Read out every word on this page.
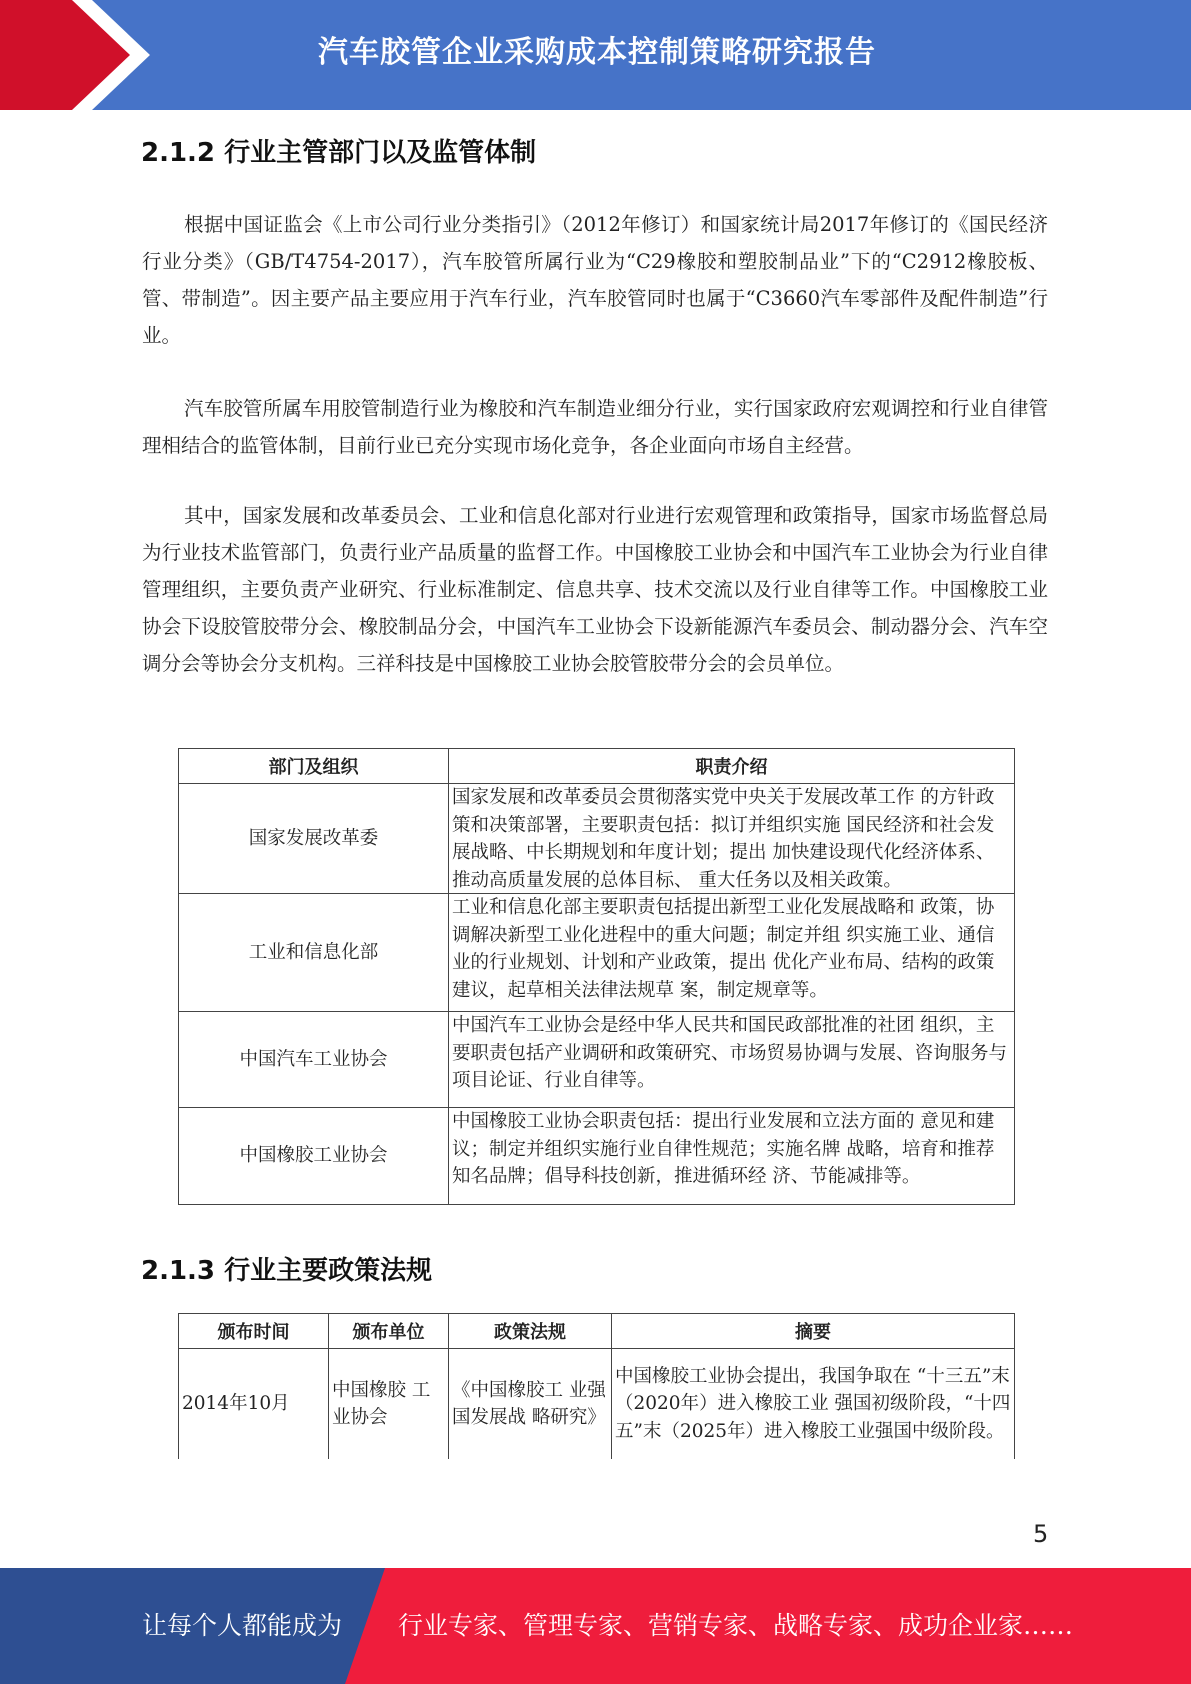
汽车胶管企业采购成本控制策略研究报告
2.1.2 行业主管部门以及监管体制

根据中国证监会《上市公司行业分类指引》（2012年修订）和国家统计局2017年修订的《国民经济行业分类》（GB/T4754-2017），汽车胶管所属行业为“C29橡胶和塑胶制品业”下的“C2912橡胶板、管、带制造”。因主要产品主要应用于汽车行业，汽车胶管同时也属于“C3660汽车零部件及配件制造”行业。

汽车胶管所属车用胶管制造行业为橡胶和汽车制造业细分行业，实行国家政府宏观调控和行业自律管理相结合的监管体制，目前行业已充分实现市场化竞争，各企业面向市场自主经营。

其中，国家发展和改革委员会、工业和信息化部对行业进行宏观管理和政策指导，国家市场监督总局为行业技术监管部门，负责行业产品质量的监督工作。中国橡胶工业协会和中国汽车工业协会为行业自律管理组织，主要负责产业研究、行业标准制定、信息共享、技术交流以及行业自律等工作。中国橡胶工业协会下设胶管胶带分会、橡胶制品分会，中国汽车工业协会下设新能源汽车委员会、制动器分会、汽车空调分会等协会分支机构。三祥科技是中国橡胶工业协会胶管胶带分会的会员单位。

部门及组织	职责介绍
国家发展改革委	国家发展和改革委员会贯彻落实党中央关于发展改革工作 的方针政策和决策部署，主要职责包括：拟订并组织实施 国民经济和社会发展战略、中长期规划和年度计划；提出 加快建设现代化经济体系、推动高质量发展的总体目标、 重大任务以及相关政策。

工业和信息化部	工业和信息化部主要职责包括提出新型工业化发展战略和 政策，协调解决新型工业化进程中的重大问题；制定并组 织实施工业、通信业的行业规划、计划和产业政策，提出 优化产业布局、结构的政策建议，起草相关法律法规草 案，制定规章等。
中国汽车工业协会	中国汽车工业协会是经中华人民共和国民政部批准的社团 组织，主要职责包括产业调研和政策研究、市场贸易协调与发展、咨询服务与项目论证、行业自律等。
中国橡胶工业协会	中国橡胶工业协会职责包括：提出行业发展和立法方面的 意见和建议；制定并组织实施行业自律性规范；实施名牌 战略，培育和推荐知名品牌；倡导科技创新，推进循环经 济、节能减排等。
2.1.3 行业主要政策法规
颁布时间	颁布单位	政策法规	摘要
2014年10月	中国橡胶 工业协会	《中国橡胶工 业强国发展战 略研究》	中国橡胶工业协会提出，我国争取在 “十三五”末（2020年）进入橡胶工业 强国初级阶段，“十四五”末（2025年）进入橡胶工业强国中级阶段。
5
让每个人都能成为 行业专家、管理专家、营销专家、战略专家、成功企业家……
